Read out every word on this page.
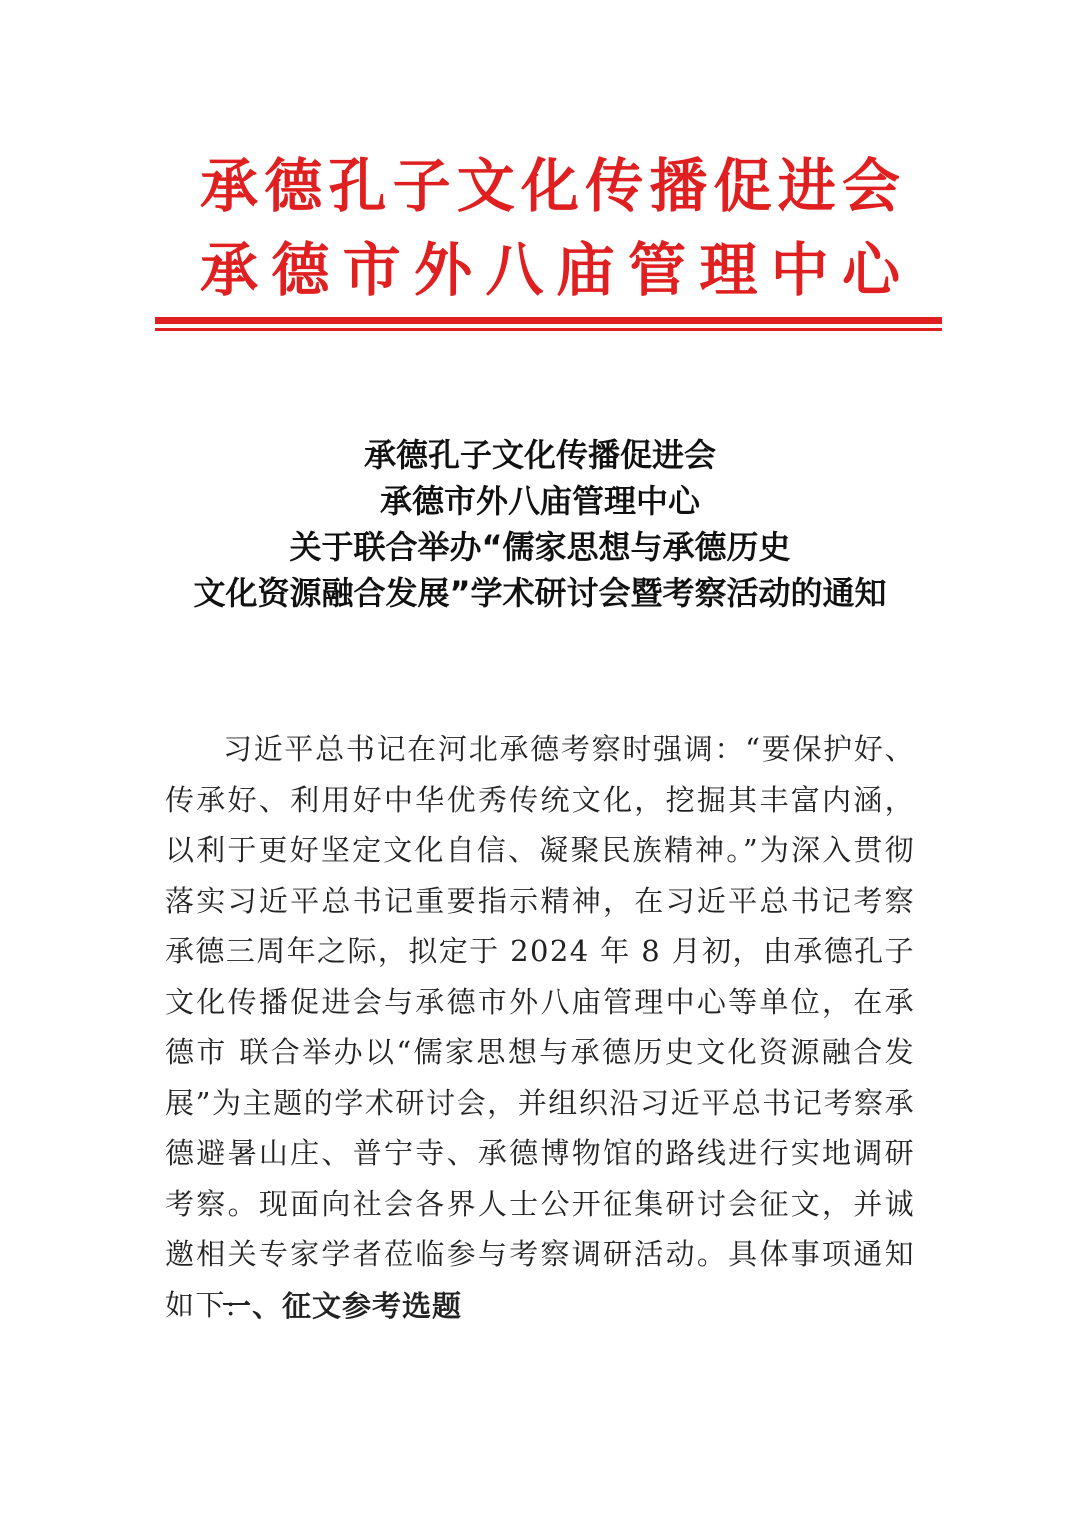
承德孔子文化传播促进会
承德市外八庙管理中心
承德孔子文化传播促进会
承德市外八庙管理中心
关于联合举办“儒家思想与承德历史
文化资源融合发展”学术研讨会暨考察活动的通知

习近平总书记在河北承德考察时强调：“要保护好、传承好、利用好中华优秀传统文化，挖掘其丰富内涵，以利于更好坚定文化自信、凝聚民族精神。”为深入贯彻落实习近平总书记重要指示精神，在习近平总书记考察承德三周年之际，拟定于 2024 年 8 月初，由承德孔子文化传播促进会与承德市外八庙管理中心等单位，在承德市 联合举办以“儒家思想与承德历史文化资源融合发展”为主题的学术研讨会，并组织沿习近平总书记考察承德避暑山庄、普宁寺、承德博物馆的路线进行实地调研考察。现面向社会各界人士公开征集研讨会征文，并诚邀相关专家学者莅临参与考察调研活动。具体事项通知如下:

一、征文参考选题
